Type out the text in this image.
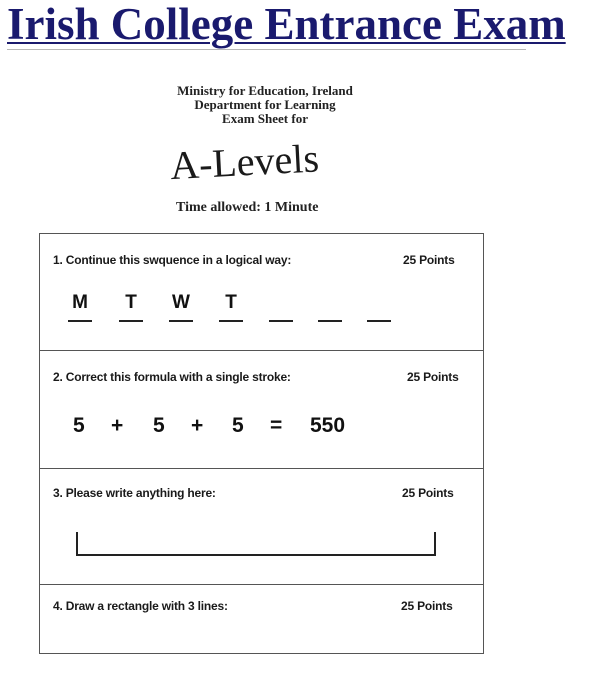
Irish College Entrance Exam
Ministry for Education, Ireland
Department for Learning
Exam Sheet for
A-Levels
Time allowed: 1 Minute
1. Continue this swquence in a logical way:	25 Points
M	T	W	T
2. Correct this formula with a single stroke:	25 Points
5 + 5 + 5 = 550
3. Please write anything here:	25 Points
4. Draw a rectangle with 3 lines:	25 Points
